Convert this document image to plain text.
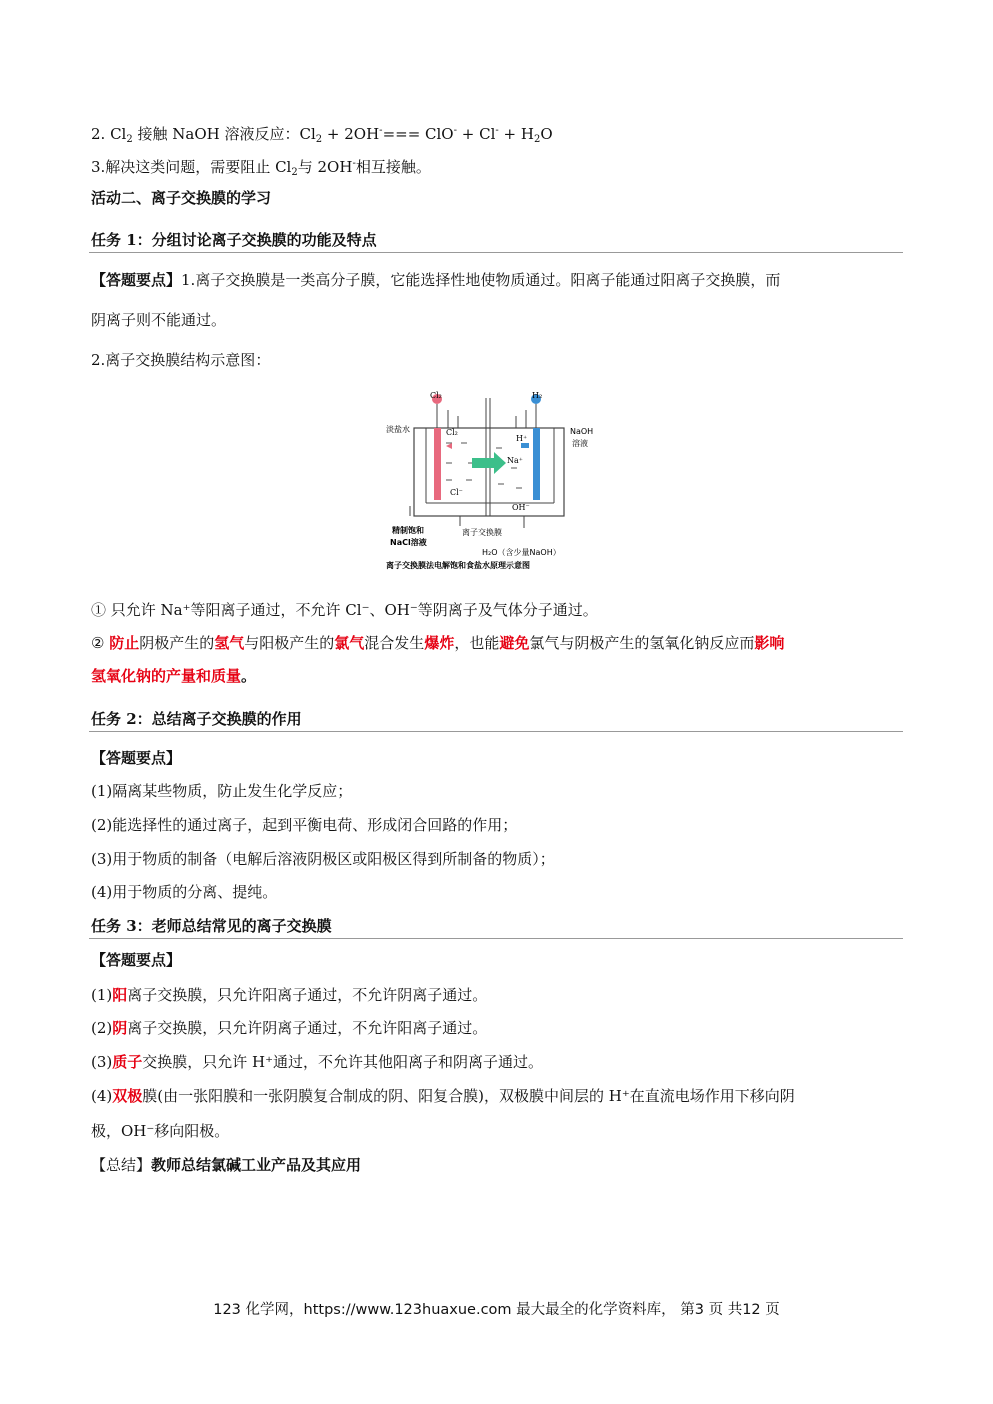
2. $Cl_2$ 接触 NaOH 溶液反应：$Cl_2 + 2OH^-=== ClO^- + Cl^- + H_2O$
3.解决这类问题，需要阻止 $Cl_2$与 2OH-相互接触。
活动二、离子交换膜的学习
任务 1：分组讨论离子交换膜的功能及特点
【答题要点】1.离子交换膜是一类高分子膜，它能选择性地使物质通过。阳离子能通过阳离子交换膜，而
阴离子则不能通过。
2.离子交换膜结构示意图：
Cl₂	H₂
淡盐水	NaOH
溶液
Cl₂
H⁺
Na⁺
Cl⁻
OH⁻
精制饱和
NaCl溶液
离子交换膜
H₂O（含少量NaOH）
离子交换膜法电解饱和食盐水原理示意图
① 只允许 Na⁺等阳离子通过，不允许 Cl⁻、OH⁻等阴离子及气体分子通过。
② 防止阴极产生的氢气与阳极产生的氯气混合发生爆炸，也能避免氯气与阴极产生的氢氧化钠反应而影响
氢氧化钠的产量和质量。
任务 2：总结离子交换膜的作用
【答题要点】
(1)隔离某些物质，防止发生化学反应；
(2)能选择性的通过离子，起到平衡电荷、形成闭合回路的作用；
(3)用于物质的制备（电解后溶液阴极区或阳极区得到所制备的物质）；
(4)用于物质的分离、提纯。
任务 3：老师总结常见的离子交换膜
【答题要点】
(1)阳离子交换膜，只允许阳离子通过，不允许阴离子通过。
(2)阴离子交换膜，只允许阴离子通过，不允许阳离子通过。
(3)质子交换膜，只允许 H⁺通过，不允许其他阳离子和阴离子通过。
(4)双极膜(由一张阳膜和一张阴膜复合制成的阴、阳复合膜)，双极膜中间层的 H⁺在直流电场作用下移向阴
极，OH⁻移向阳极。
【总结】教师总结氯碱工业产品及其应用
123 化学网，https://www.123huaxue.com 最大最全的化学资料库， 第3 页 共12 页
